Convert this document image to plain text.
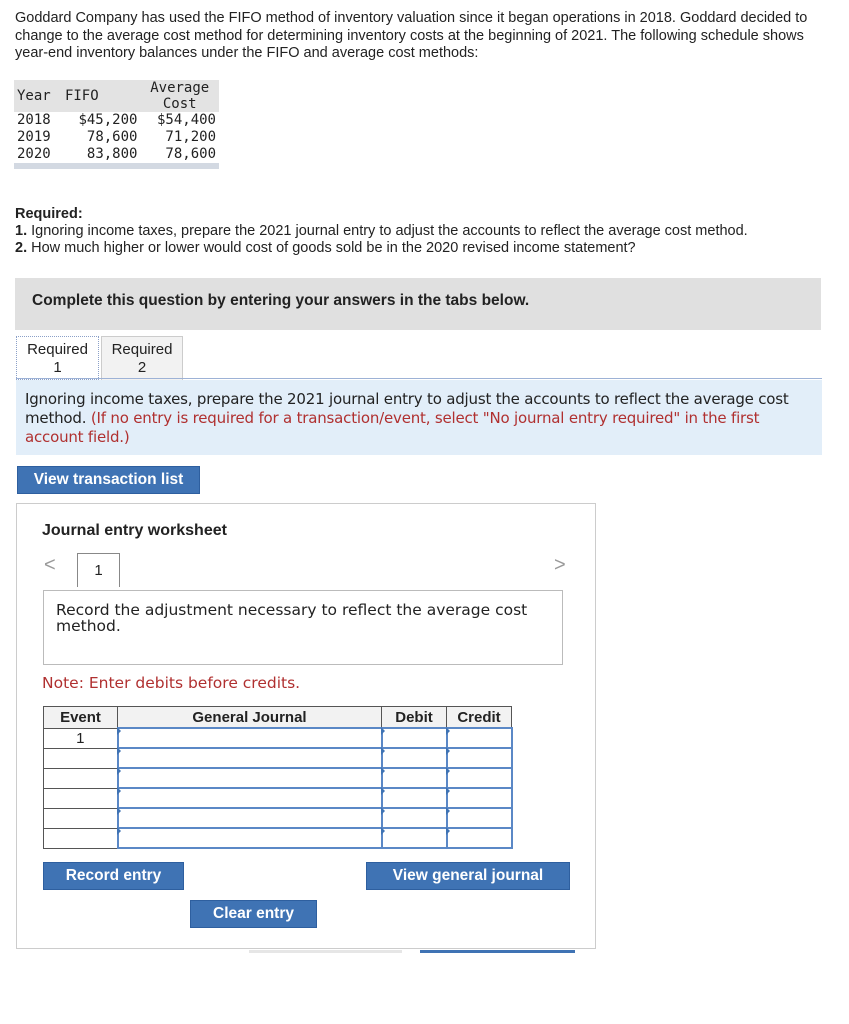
Goddard Company has used the FIFO method of inventory valuation since it began operations in 2018. Goddard decided to change to the average cost method for determining inventory costs at the beginning of 2021. The following schedule shows year-end inventory balances under the FIFO and average cost methods:
Year	FIFO	Average
Cost
2018	$45,200	$54,400
2019	78,600	71,200
2020	83,800	78,600

Required:
1. Ignoring income taxes, prepare the 2021 journal entry to adjust the accounts to reflect the average cost method.
2. How much higher or lower would cost of goods sold be in the 2020 revised income statement?
Complete this question by entering your answers in the tabs below.
Required
1
Required
2
Ignoring income taxes, prepare the 2021 journal entry to adjust the accounts to reflect the average cost method. (If no entry is required for a transaction/event, select "No journal entry required" in the first account field.)
View transaction list
Journal entry worksheet
<	1	>
Record the adjustment necessary to reflect the average cost method.
Note: Enter debits before credits.
Event	General Journal	Debit	Credit
1			

Record entry	View general journal
Clear entry
